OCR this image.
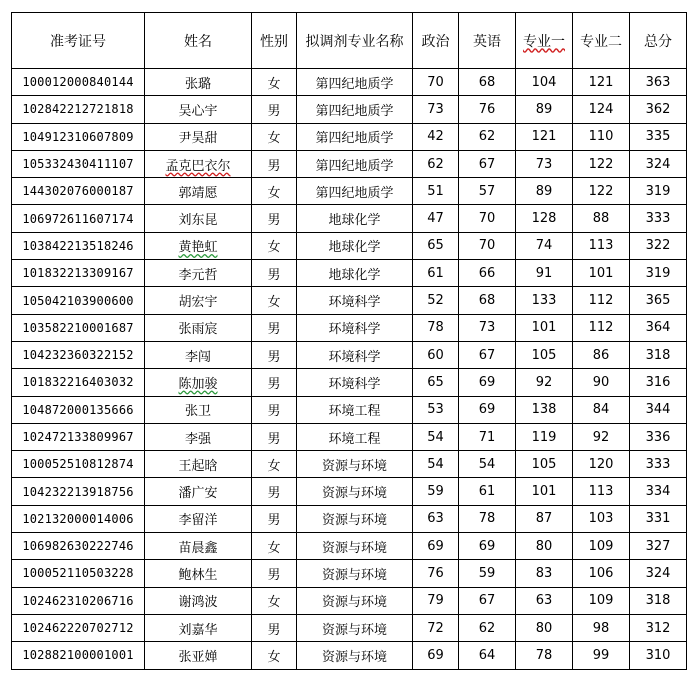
准考证号	姓名	性别	拟调剂专业名称	政治	英语	专业一	专业二	总分
100012000840144	张璐	女	第四纪地质学	70	68	104	121	363
102842212721818	吴心宇	男	第四纪地质学	73	76	89	124	362
104912310607809	尹昊甜	女	第四纪地质学	42	62	121	110	335
105332430411107	孟克巴衣尔	男	第四纪地质学	62	67	73	122	324
144302076000187	郭靖愿	女	第四纪地质学	51	57	89	122	319
106972611607174	刘东昆	男	地球化学	47	70	128	88	333
103842213518246	黄艳虹	女	地球化学	65	70	74	113	322
101832213309167	李元哲	男	地球化学	61	66	91	101	319
105042103900600	胡宏宇	女	环境科学	52	68	133	112	365
103582210001687	张雨宸	男	环境科学	78	73	101	112	364
104232360322152	李闯	男	环境科学	60	67	105	86	318
101832216403032	陈加骏	男	环境科学	65	69	92	90	316
104872000135666	张卫	男	环境工程	53	69	138	84	344
102472133809967	李强	男	环境工程	54	71	119	92	336
100052510812874	王起晗	女	资源与环境	54	54	105	120	333
104232213918756	潘广安	男	资源与环境	59	61	101	113	334
102132000014006	李留洋	男	资源与环境	63	78	87	103	331
106982630222746	苗晨鑫	女	资源与环境	69	69	80	109	327
100052110503228	鲍林生	男	资源与环境	76	59	83	106	324
102462310206716	谢鸿波	女	资源与环境	79	67	63	109	318
102462220702712	刘嘉华	男	资源与环境	72	62	80	98	312
102882100001001	张亚婵	女	资源与环境	69	64	78	99	310
